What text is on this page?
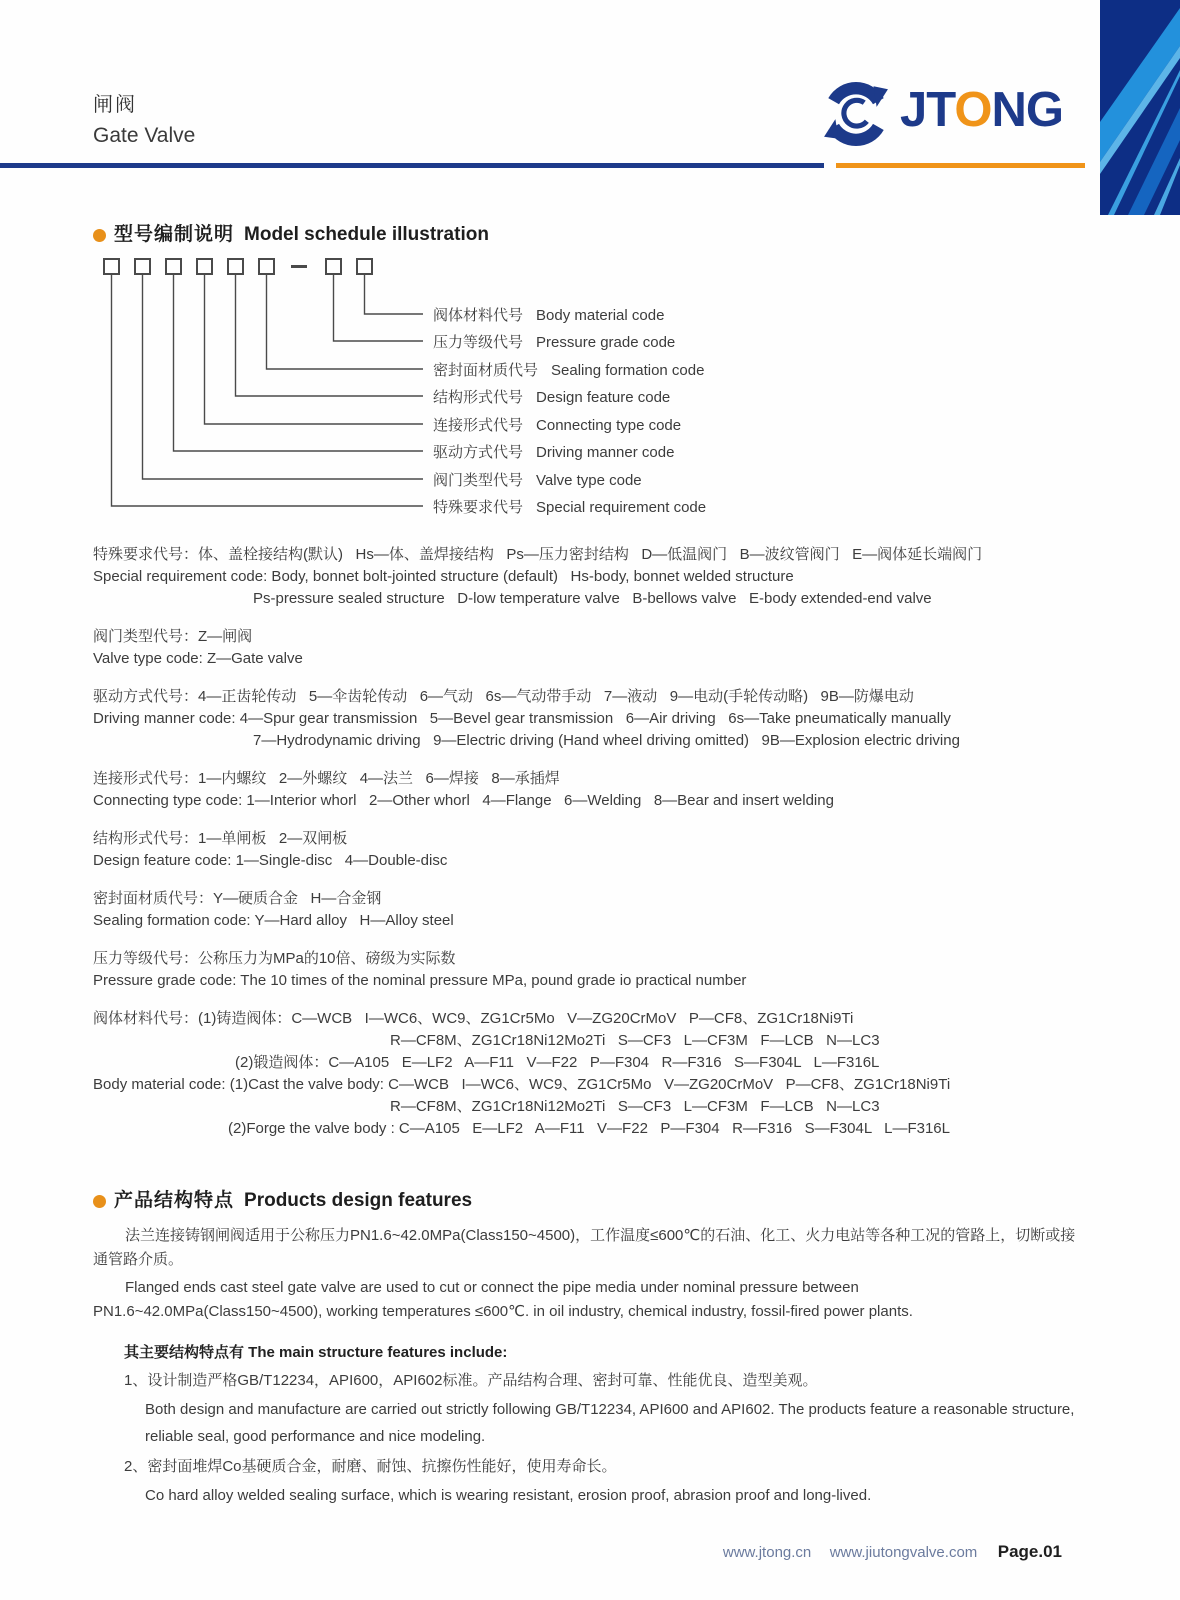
闸阀
Gate Valve	JTONG
型号编制说明 Model schedule illustration
阀体材料代号 Body material code
压力等级代号 Pressure grade code
密封面材质代号 Sealing formation code
结构形式代号 Design feature code
连接形式代号 Connecting type code
驱动方式代号 Driving manner code
阀门类型代号 Valve type code
特殊要求代号 Special requirement code

特殊要求代号：体、盖栓接结构(默认)   Hs—体、盖焊接结构   Ps—压力密封结构   D—低温阀门   B—波纹管阀门   E—阀体延长端阀门

Special requirement code: Body, bonnet bolt-jointed structure (default)   Hs-body, bonnet welded structure

Ps-pressure sealed structure   D-low temperature valve   B-bellows valve   E-body extended-end valve

阀门类型代号：Z—闸阀

Valve type code: Z—Gate valve

驱动方式代号：4—正齿轮传动   5—伞齿轮传动   6—气动   6s—气动带手动   7—液动   9—电动(手轮传动略)   9B—防爆电动

Driving manner code: 4—Spur gear transmission   5—Bevel gear transmission   6—Air driving   6s—Take pneumatically manually

7—Hydrodynamic driving   9—Electric driving (Hand wheel driving omitted)   9B—Explosion electric driving

连接形式代号：1—内螺纹   2—外螺纹   4—法兰   6—焊接   8—承插焊

Connecting type code: 1—Interior whorl   2—Other whorl   4—Flange   6—Welding   8—Bear and insert welding

结构形式代号：1—单闸板   2—双闸板

Design feature code: 1—Single-disc   4—Double-disc

密封面材质代号：Y—硬质合金   H—合金钢

Sealing formation code: Y—Hard alloy   H—Alloy steel

压力等级代号：公称压力为MPa的10倍、磅级为实际数

Pressure grade code: The 10 times of the nominal pressure MPa, pound grade io practical number

阀体材料代号：(1)铸造阀体：C—WCB   I—WC6、WC9、ZG1Cr5Mo   V—ZG20CrMoV   P—CF8、ZG1Cr18Ni9Ti

R—CF8M、ZG1Cr18Ni12Mo2Ti   S—CF3   L—CF3M   F—LCB   N—LC3

(2)锻造阀体：C—A105   E—LF2   A—F11   V—F22   P—F304   R—F316   S—F304L   L—F316L

Body material code: (1)Cast the valve body: C—WCB   I—WC6、WC9、ZG1Cr5Mo   V—ZG20CrMoV   P—CF8、ZG1Cr18Ni9Ti

R—CF8M、ZG1Cr18Ni12Mo2Ti   S—CF3   L—CF3M   F—LCB   N—LC3

(2)Forge the valve body : C—A105   E—LF2   A—F11   V—F22   P—F304   R—F316   S—F304L   L—F316L

产品结构特点 Products design features

法兰连接铸钢闸阀适用于公称压力PN1.6~42.0MPa(Class150~4500)，工作温度≤600℃的石油、化工、火力电站等各种工况的管路上，切断或接通管路介质。

Flanged ends cast steel gate valve are used to cut or connect the pipe media under nominal pressure between PN1.6~42.0MPa(Class150~4500), working temperatures ≤600℃. in oil industry, chemical industry, fossil-fired power plants.

其主要结构特点有 The main structure features include:

1、设计制造严格GB/T12234，API600，API602标准。产品结构合理、密封可靠、性能优良、造型美观。

Both design and manufacture are carried out strictly following GB/T12234, API600 and API602. The products feature a reasonable structure, reliable seal, good performance and nice modeling.

2、密封面堆焊Co基硬质合金，耐磨、耐蚀、抗擦伤性能好，使用寿命长。

Co hard alloy welded sealing surface, which is wearing resistant, erosion proof, abrasion proof and long-lived.

www.jtong.cn www.jiutongvalve.com Page.01
